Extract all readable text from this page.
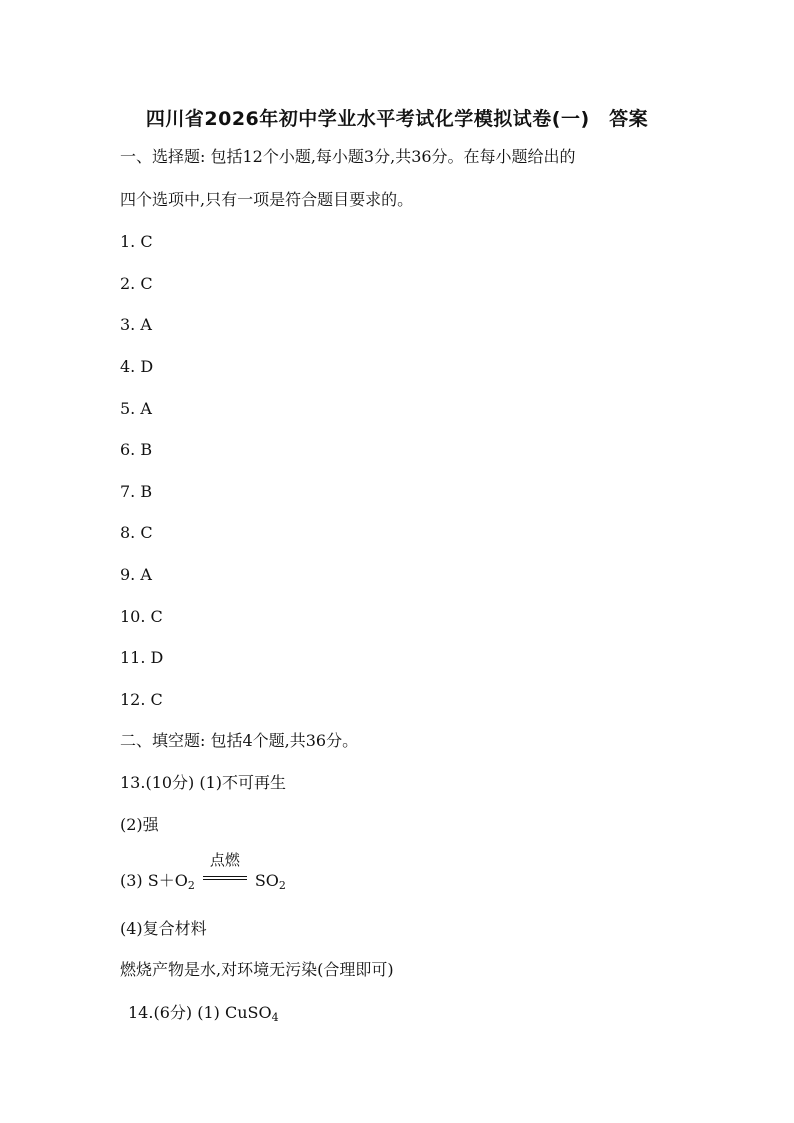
四川省2026年初中学业水平考试化学模拟试卷(一)　答案
一、选择题: 包括12个小题,每小题3分,共36分。在每小题给出的
四个选项中,只有一项是符合题目要求的。
1. C
2. C
3. A
4. D
5. A
6. B
7. B
8. C
9. A
10. C
11. D
12. C
二、填空题: 包括4个题,共36分。
13.(10分) (1)不可再生
(2)强
(3) $S+O_2$
点燃
$SO_2$
(4)复合材料
燃烧产物是水,对环境无污染(合理即可)
14.(6分) (1) CuSO$_4$
